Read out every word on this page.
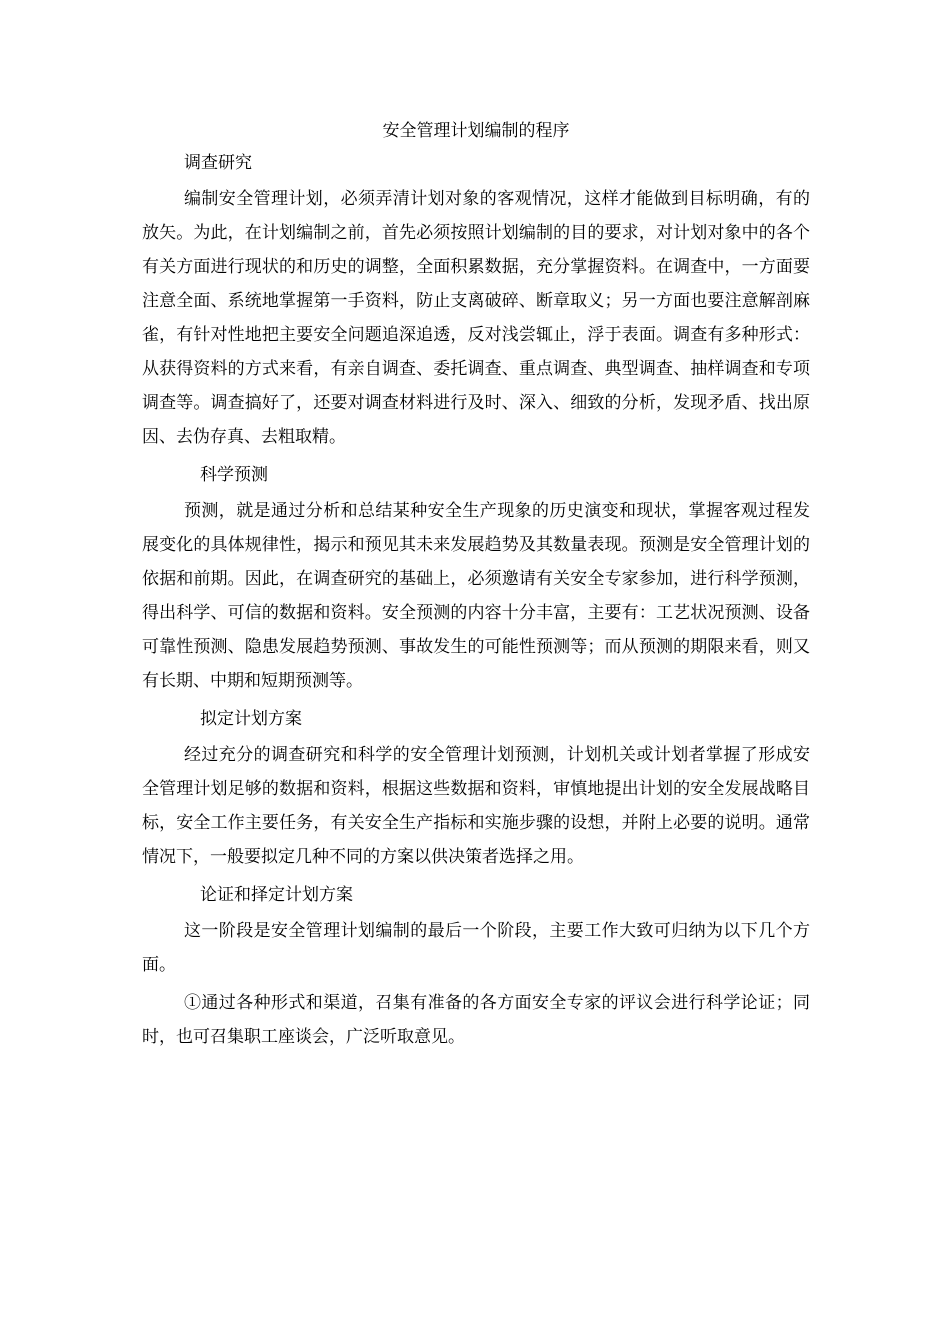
安全管理计划编制的程序
调查研究

编制安全管理计划，必须弄清计划对象的客观情况，这样才能做到目标明确，有的放矢。为此，在计划编制之前，首先必须按照计划编制的目的要求，对计划对象中的各个有关方面进行现状的和历史的调整，全面积累数据，充分掌握资料。在调查中，一方面要注意全面、系统地掌握第一手资料，防止支离破碎、断章取义；另一方面也要注意解剖麻雀，有针对性地把主要安全问题追深追透，反对浅尝辄止，浮于表面。调查有多种形式：从获得资料的方式来看，有亲自调查、委托调查、重点调查、典型调查、抽样调查和专项调查等。调查搞好了，还要对调查材料进行及时、深入、细致的分析，发现矛盾、找出原因、去伪存真、去粗取精。

科学预测

预测，就是通过分析和总结某种安全生产现象的历史演变和现状，掌握客观过程发展变化的具体规律性，揭示和预见其未来发展趋势及其数量表现。预测是安全管理计划的依据和前期。因此，在调查研究的基础上，必须邀请有关安全专家参加，进行科学预测，得出科学、可信的数据和资料。安全预测的内容十分丰富，主要有：工艺状况预测、设备可靠性预测、隐患发展趋势预测、事故发生的可能性预测等；而从预测的期限来看，则又有长期、中期和短期预测等。

拟定计划方案

经过充分的调查研究和科学的安全管理计划预测，计划机关或计划者掌握了形成安全管理计划足够的数据和资料，根据这些数据和资料，审慎地提出计划的安全发展战略目标，安全工作主要任务，有关安全生产指标和实施步骤的设想，并附上必要的说明。通常情况下，一般要拟定几种不同的方案以供决策者选择之用。

论证和择定计划方案

这一阶段是安全管理计划编制的最后一个阶段，主要工作大致可归纳为以下几个方面。

①通过各种形式和渠道，召集有准备的各方面安全专家的评议会进行科学论证；同时，也可召集职工座谈会，广泛听取意见。
